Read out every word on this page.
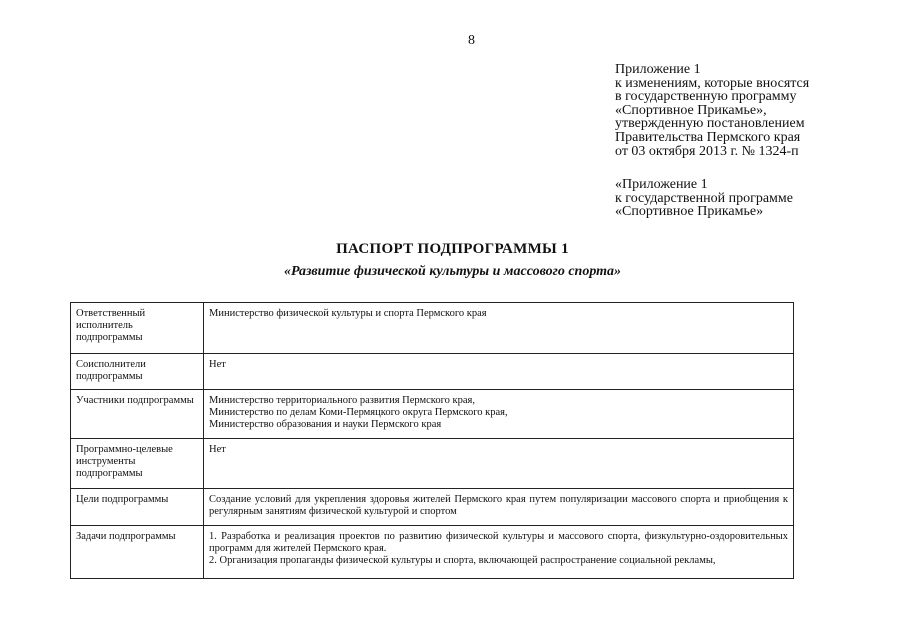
8
Приложение 1
к изменениям, которые вносятся
в государственную программу
«Спортивное Прикамье»,
утвержденную постановлением
Правительства Пермского края
от 03 октября 2013 г. № 1324-п
«Приложение 1
к государственной программе
«Спортивное Прикамье»
ПАСПОРТ ПОДПРОГРАММЫ 1
«Развитие физической культуры и массового спорта»
Ответственный исполнитель подпрограммы	Министерство физической культуры и спорта Пермского края

Соисполнители подпрограммы	Нет

Участники подпрограммы	Министерство территориального развития Пермского края,
Министерство по делам Коми-Пермяцкого округа Пермского края,
Министерство образования и науки Пермского края

Программно-целевые инструменты подпрограммы	Нет

Цели подпрограммы	Создание условий для укрепления здоровья жителей Пермского края путем популяризации массового спорта и приобщения к регулярным занятиям физической культурой и спортом

Задачи подпрограммы	1. Разработка и реализация проектов по развитию физической культуры и массового спорта, физкультурно-оздоровительных программ для жителей Пермского края.
2. Организация пропаганды физической культуры и спорта, включающей распространение социальной рекламы,
